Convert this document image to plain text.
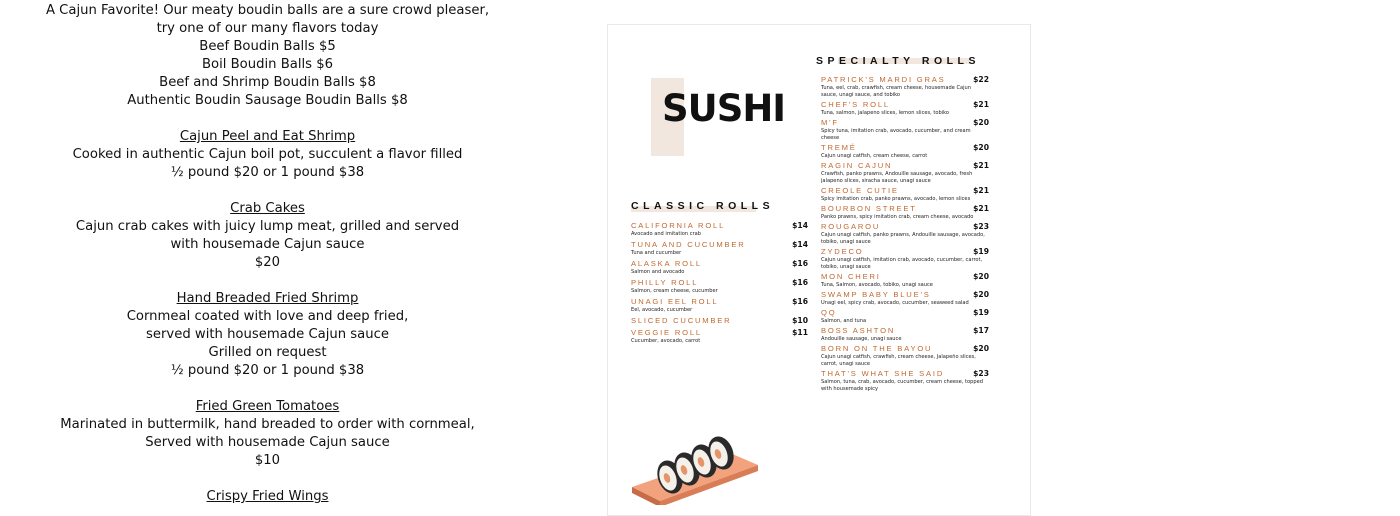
A Cajun Favorite! Our meaty boudin balls are a sure crowd pleaser,
try one of our many flavors today
Beef Boudin Balls $5
Boil Boudin Balls $6
Beef and Shrimp Boudin Balls $8
Authentic Boudin Sausage Boudin Balls $8
Cajun Peel and Eat Shrimp
Cooked in authentic Cajun boil pot, succulent a flavor filled
½ pound $20 or 1 pound $38
Crab Cakes
Cajun crab cakes with juicy lump meat, grilled and served
with housemade Cajun sauce
$20
Hand Breaded Fried Shrimp
Cornmeal coated with love and deep fried,
served with housemade Cajun sauce
Grilled on request
½ pound $20 or 1 pound $38
Fried Green Tomatoes
Marinated in buttermilk, hand breaded to order with cornmeal,
Served with housemade Cajun sauce
$10
Crispy Fried Wings
SUSHI
CLASSIC ROLLS
SPECIALTY ROLLS
CALIFORNIA ROLL	$14
Avocado and imitation crab
TUNA AND CUCUMBER	$14
Tuna and cucumber
ALASKA ROLL	$16
Salmon and avocado
PHILLY ROLL	$16
Salmon, cream cheese, cucumber
UNAGI EEL ROLL	$16
Eel, avocado, cucumber
SLICED CUCUMBER	$10
VEGGIE ROLL	$11
Cucumber, avocado, carrot
PATRICK'S MARDI GRAS	$22
Tuna, eel, crab, crawfish, cream cheese, housemade Cajun sauce, unagi sauce, and tobiko
CHEF'S ROLL	$21
Tuna, salmon, jalapeno slices, lemon slices, tobiko
M'F	$20
Spicy tuna, imitation crab, avocado, cucumber, and cream cheese
TREMÉ	$20
Cajun unagi catfish, cream cheese, carrot
RAGIN CAJUN	$21
Crawfish, panko prawns, Andouille sausage, avocado, fresh jalapeno slices, siracha sauce, unagi sauce
CREOLE CUTIE	$21
Spicy imitation crab, panko prawns, avocado, lemon slices
BOURBON STREET	$21
Panko prawns, spicy imitation crab, cream cheese, avocado
ROUGAROU	$23
Cajun unagi catfish, panko prawns, Andouille sausage, avocado, tobiko, unagi sauce
ZYDECO	$19
Cajun unagi catfish, imitation crab, avocado, cucumber, carrot, tobiko, unagi sauce
MON CHERI	$20
Tuna, Salmon, avocado, tobiko, unagi sauce
SWAMP BABY BLUE'S	$20
Unagi eel, spicy crab, avocado, cucumber, seaweed salad
QQ	$19
Salmon, and tuna
BOSS ASHTON	$17
Andouille sausage, unagi sauce
BORN ON THE BAYOU	$20
Cajun unagi catfish, crawfish, cream cheese, Jalapeño slices, carrot, unagi sauce
THAT'S WHAT SHE SAID	$23
Salmon, tuna, crab, avocado, cucumber, cream cheese, topped with housemade spicy
